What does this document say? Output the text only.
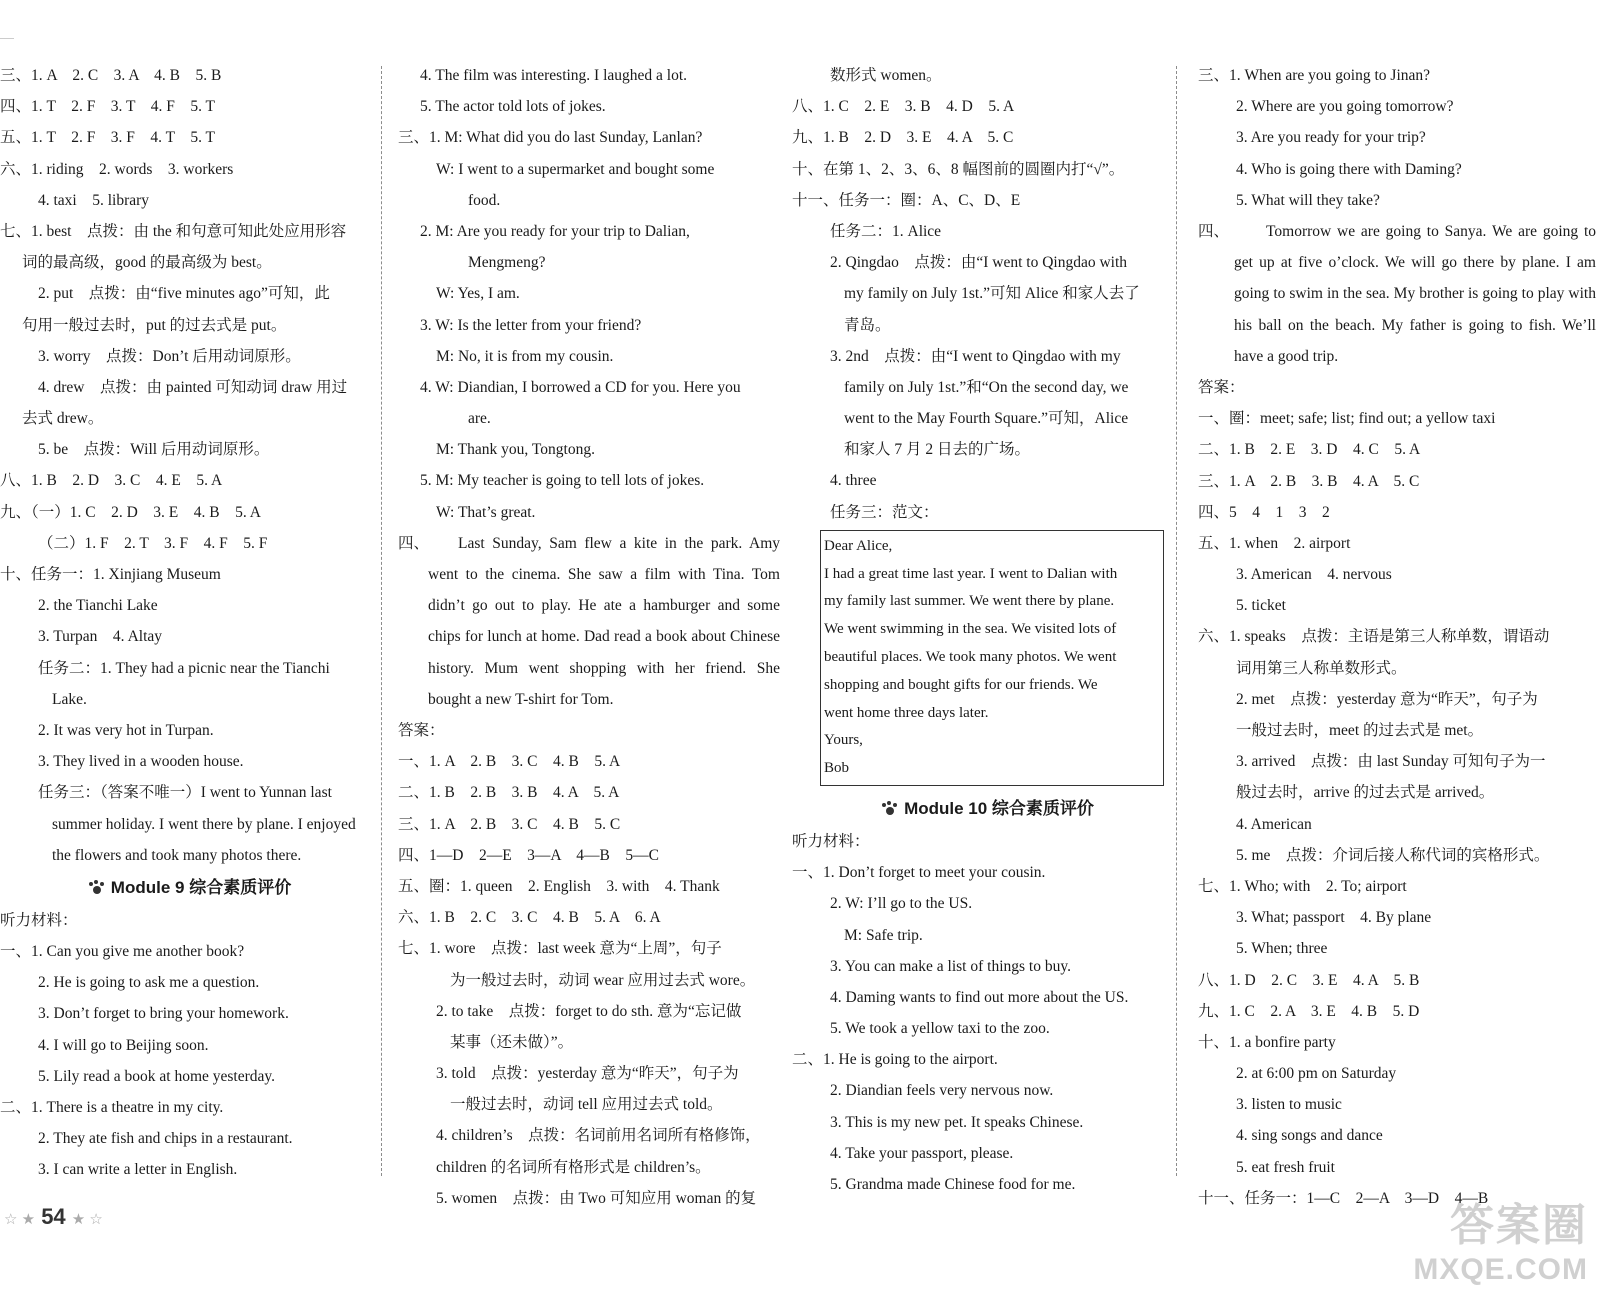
三、1. A　2. C　3. A　4. B　5. B
四、1. T　2. F　3. T　4. F　5. T
五、1. T　2. F　3. F　4. T　5. T
六、1. riding　2. words　3. workers
4. taxi　5. library
七、1. best　点拨：由 the 和句意可知此处应用形容
词的最高级，good 的最高级为 best。
2. put　点拨：由“five minutes ago”可知，此
句用一般过去时，put 的过去式是 put。
3. worry　点拨：Don’t 后用动词原形。
4. drew　点拨：由 painted 可知动词 draw 用过
去式 drew。
5. be　点拨：Will 后用动词原形。
八、1. B　2. D　3. C　4. E　5. A
九、（一）1. C　2. D　3. E　4. B　5. A
（二）1. F　2. T　3. F　4. F　5. F
十、任务一：1. Xinjiang Museum
2. the Tianchi Lake
3. Turpan　4. Altay
任务二：1. They had a picnic near the Tianchi
Lake.
2. It was very hot in Turpan.
3. They lived in a wooden house.
任务三：（答案不唯一）I went to Yunnan last
summer holiday. I went there by plane. I enjoyed
the flowers and took many photos there.
Module 9 综合素质评价
听力材料：
一、1. Can you give me another book?
2. He is going to ask me a question.
3. Don’t forget to bring your homework.
4. I will go to Beijing soon.
5. Lily read a book at home yesterday.
二、1. There is a theatre in my city.
2. They ate fish and chips in a restaurant.
3. I can write a letter in English.
4. The film was interesting. I laughed a lot.
5. The actor told lots of jokes.
三、1. M: What did you do last Sunday, Lanlan?
W: I went to a supermarket and bought some
food.
2. M: Are you ready for your trip to Dalian,
Mengmeng?
W: Yes, I am.
3. W: Is the letter from your friend?
M: No, it is from my cousin.
4. W: Diandian, I borrowed a CD for you. Here you
are.
M: Thank you, Tongtong.
5. M: My teacher is going to tell lots of jokes.
W: That’s great.
四、 Last Sunday, Sam flew a kite in the park. Amy went to the cinema. She saw a film with Tina. Tom didn’t go out to play. He ate a hamburger and some chips for lunch at home. Dad read a book about Chinese history. Mum went shopping with her friend. She bought a new T-shirt for Tom.
答案：
一、1. A　2. B　3. C　4. B　5. A
二、1. B　2. B　3. B　4. A　5. A
三、1. A　2. B　3. C　4. B　5. C
四、1—D　2—E　3—A　4—B　5—C
五、圈：1. queen　2. English　3. with　4. Thank
六、1. B　2. C　3. C　4. B　5. A　6. A
七、1. wore　点拨：last week 意为“上周”，句子
为一般过去时，动词 wear 应用过去式 wore。
2. to take　点拨：forget to do sth. 意为“忘记做
某事（还未做）”。
3. told　点拨：yesterday 意为“昨天”，句子为
一般过去时，动词 tell 应用过去式 told。
4. children’s　点拨：名词前用名词所有格修饰，
children 的名词所有格形式是 children’s。
5. women　点拨：由 Two 可知应用 woman 的复
数形式 women。
八、1. C　2. E　3. B　4. D　5. A
九、1. B　2. D　3. E　4. A　5. C
十、在第 1、2、3、6、8 幅图前的圆圈内打“√”。
十一、任务一：圈：A、C、D、E
任务二：1. Alice
2. Qingdao　点拨：由“I went to Qingdao with
my family on July 1st.”可知 Alice 和家人去了
青岛。
3. 2nd　点拨：由“I went to Qingdao with my
family on July 1st.”和“On the second day, we
went to the May Fourth Square.”可知，Alice
和家人 7 月 2 日去的广场。
4. three
任务三：范文：
Dear Alice,
I had a great time last year. I went to Dalian with
my family last summer. We went there by plane.
We went swimming in the sea. We visited lots of
beautiful places. We took many photos. We went
shopping and bought gifts for our friends. We
went home three days later.
Yours,
Bob
Module 10 综合素质评价
听力材料：
一、1. Don’t forget to meet your cousin.
2. W: I’ll go to the US.
M: Safe trip.
3. You can make a list of things to buy.
4. Daming wants to find out more about the US.
5. We took a yellow taxi to the zoo.
二、1. He is going to the airport.
2. Diandian feels very nervous now.
3. This is my new pet. It speaks Chinese.
4. Take your passport, please.
5. Grandma made Chinese food for me.
三、1. When are you going to Jinan?
2. Where are you going tomorrow?
3. Are you ready for your trip?
4. Who is going there with Daming?
5. What will they take?
四、 Tomorrow we are going to Sanya. We are going to get up at five o’clock. We will go there by plane. I am going to swim in the sea. My brother is going to play with his ball on the beach. My father is going to fish. We’ll have a good trip.
答案：
一、圈：meet; safe; list; find out; a yellow taxi
二、1. B　2. E　3. D　4. C　5. A
三、1. A　2. B　3. B　4. A　5. C
四、5　4　1　3　2
五、1. when　2. airport
3. American　4. nervous
5. ticket
六、1. speaks　点拨：主语是第三人称单数，谓语动
词用第三人称单数形式。
2. met　点拨：yesterday 意为“昨天”，句子为
一般过去时，meet 的过去式是 met。
3. arrived　点拨：由 last Sunday 可知句子为一
般过去时，arrive 的过去式是 arrived。
4. American
5. me　点拨：介词后接人称代词的宾格形式。
七、1. Who; with　2. To; airport
3. What; passport　4. By plane
5. When; three
八、1. D　2. C　3. E　4. A　5. B
九、1. C　2. A　3. E　4. B　5. D
十、1. a bonfire party
2. at 6:00 pm on Saturday
3. listen to music
4. sing songs and dance
5. eat fresh fruit
十一、任务一：1—C　2—A　3—D　4—B
☆ ★ 54 ★ ☆	答案圈
MXQE.COM
